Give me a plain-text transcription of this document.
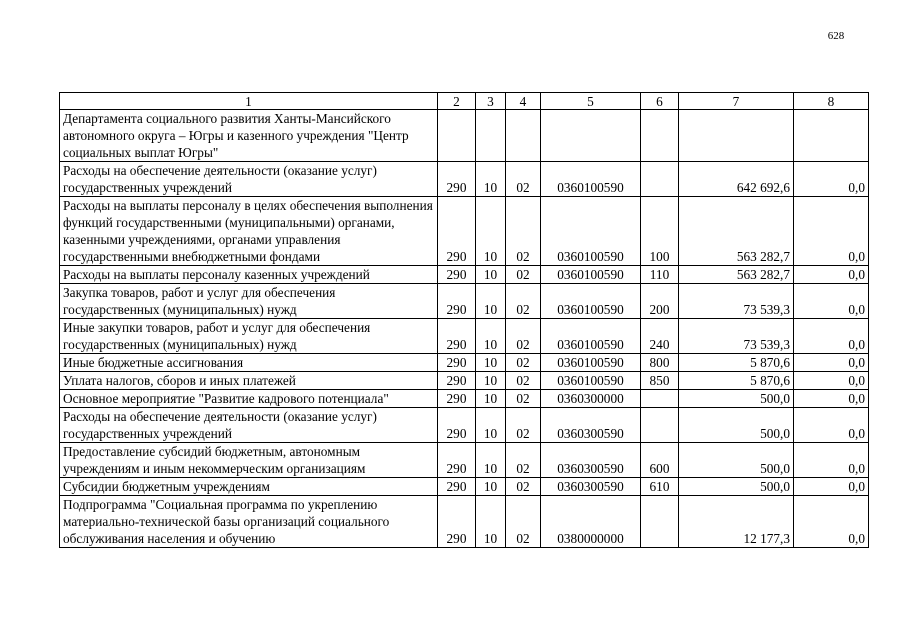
628
1	2	3	4	5	6	7	8
Департамента социального развития Ханты-Мансийского автономного округа – Югры и казенного учреждения "Центр социальных выплат Югры"							
Расходы на обеспечение деятельности (оказание услуг) государственных учреждений	290	10	02	0360100590		642 692,6	0,0
Расходы на выплаты персоналу в целях обеспечения выполнения функций государственными (муниципальными) органами, казенными учреждениями, органами управления государственными внебюджетными фондами	290	10	02	0360100590	100	563 282,7	0,0
Расходы на выплаты персоналу казенных учреждений	290	10	02	0360100590	110	563 282,7	0,0
Закупка товаров, работ и услуг для обеспечения государственных (муниципальных) нужд	290	10	02	0360100590	200	73 539,3	0,0
Иные закупки товаров, работ и услуг для обеспечения государственных (муниципальных) нужд	290	10	02	0360100590	240	73 539,3	0,0
Иные бюджетные ассигнования	290	10	02	0360100590	800	5 870,6	0,0
Уплата налогов, сборов и иных платежей	290	10	02	0360100590	850	5 870,6	0,0
Основное мероприятие "Развитие кадрового потенциала"	290	10	02	0360300000		500,0	0,0
Расходы на обеспечение деятельности (оказание услуг) государственных учреждений	290	10	02	0360300590		500,0	0,0
Предоставление субсидий бюджетным, автономным учреждениям и иным некоммерческим организациям	290	10	02	0360300590	600	500,0	0,0
Субсидии бюджетным учреждениям	290	10	02	0360300590	610	500,0	0,0
Подпрограмма "Социальная программа по укреплению материально-технической базы организаций социального обслуживания населения и обучению	290	10	02	0380000000		12 177,3	0,0
